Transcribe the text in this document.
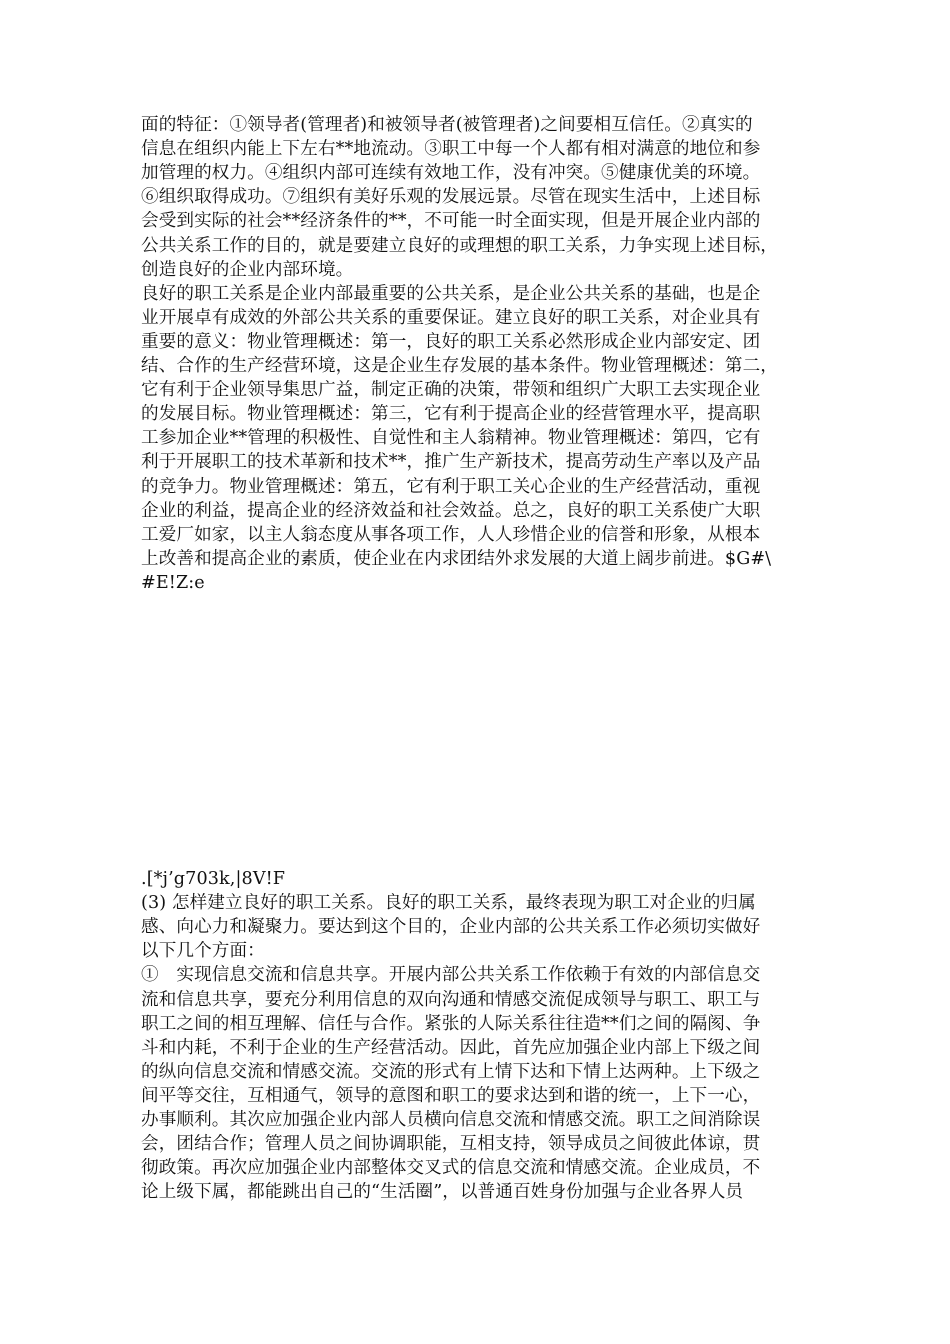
面的特征：①领导者(管理者)和被领导者(被管理者)之间要相互信任。②真实的
信息在组织内能上下左右**地流动。③职工中每一个人都有相对满意的地位和参
加管理的权力。④组织内部可连续有效地工作，没有冲突。⑤健康优美的环境。
⑥组织取得成功。⑦组织有美好乐观的发展远景。尽管在现实生活中，上述目标
会受到实际的社会**经济条件的**，不可能一时全面实现，但是开展企业内部的
公共关系工作的目的，就是要建立良好的或理想的职工关系，力争实现上述目标，
创造良好的企业内部环境。
良好的职工关系是企业内部最重要的公共关系，是企业公共关系的基础，也是企
业开展卓有成效的外部公共关系的重要保证。建立良好的职工关系，对企业具有
重要的意义：物业管理概述：第一，良好的职工关系必然形成企业内部安定、团
结、合作的生产经营环境，这是企业生存发展的基本条件。物业管理概述：第二，
它有利于企业领导集思广益，制定正确的决策，带领和组织广大职工去实现企业
的发展目标。物业管理概述：第三，它有利于提高企业的经营管理水平，提高职
工参加企业**管理的积极性、自觉性和主人翁精神。物业管理概述：第四，它有
利于开展职工的技术革新和技术**，推广生产新技术，提高劳动生产率以及产品
的竞争力。物业管理概述：第五，它有利于职工关心企业的生产经营活动，重视
企业的利益，提高企业的经济效益和社会效益。总之，良好的职工关系使广大职
工爱厂如家，以主人翁态度从事各项工作，人人珍惜企业的信誉和形象，从根本
上改善和提高企业的素质，使企业在内求团结外求发展的大道上阔步前进。$G#\
#E!Z:e
.[*j’g703k,|8V!F
(3) 怎样建立良好的职工关系。良好的职工关系，最终表现为职工对企业的归属
感、向心力和凝聚力。要达到这个目的，企业内部的公共关系工作必须切实做好
以下几个方面：
①　实现信息交流和信息共享。开展内部公共关系工作依赖于有效的内部信息交
流和信息共享，要充分利用信息的双向沟通和情感交流促成领导与职工、职工与
职工之间的相互理解、信任与合作。紧张的人际关系往往造**们之间的隔阂、争
斗和内耗，不利于企业的生产经营活动。因此，首先应加强企业内部上下级之间
的纵向信息交流和情感交流。交流的形式有上情下达和下情上达两种。上下级之
间平等交往，互相通气，领导的意图和职工的要求达到和谐的统一，上下一心，
办事顺利。其次应加强企业内部人员横向信息交流和情感交流。职工之间消除误
会，团结合作；管理人员之间协调职能，互相支持，领导成员之间彼此体谅，贯
彻政策。再次应加强企业内部整体交叉式的信息交流和情感交流。企业成员，不
论上级下属，都能跳出自己的“生活圈”，以普通百姓身份加强与企业各界人员
